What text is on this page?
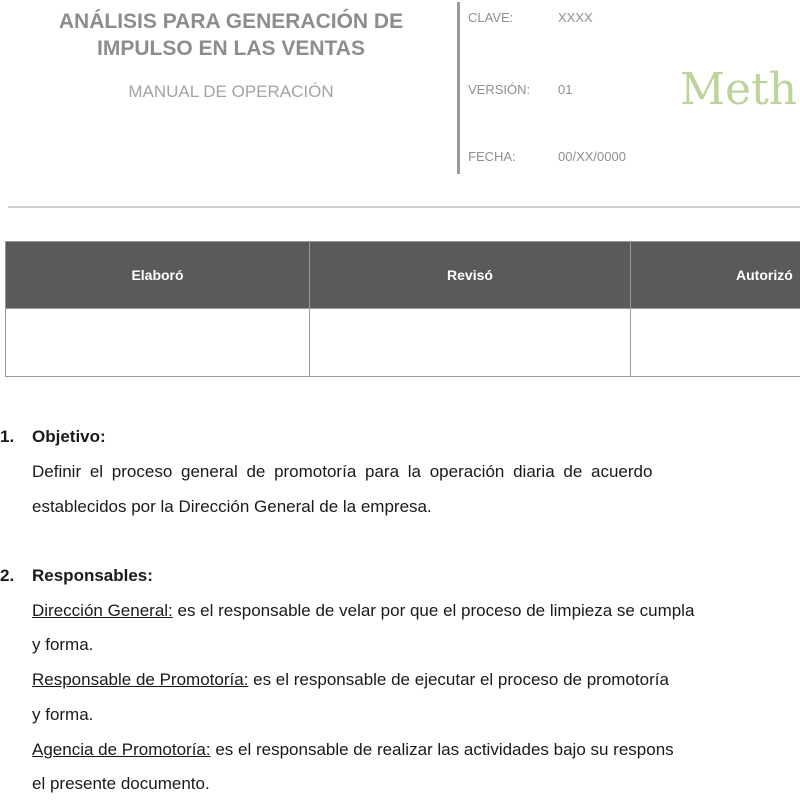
ANÁLISIS PARA GENERACIÓN DE
IMPULSO EN LAS VENTAS
MANUAL DE OPERACIÓN
CLAVE:	XXXX
VERSIÓN: 01
FECHA:	00/XX/0000
Meth
Elaboró	Revisó	Autorizó

1. Objetivo:
Definir el proceso general de promotoría para la operación diaria de acuerdo
establecidos por la Dirección General de la empresa.
2. Responsables:
Dirección General: es el responsable de velar por que el proceso de limpieza se cumpla
y forma.
Responsable de Promotoría: es el responsable de ejecutar el proceso de promotoría
y forma.
Agencia de Promotoría: es el responsable de realizar las actividades bajo su respons
el presente documento.
